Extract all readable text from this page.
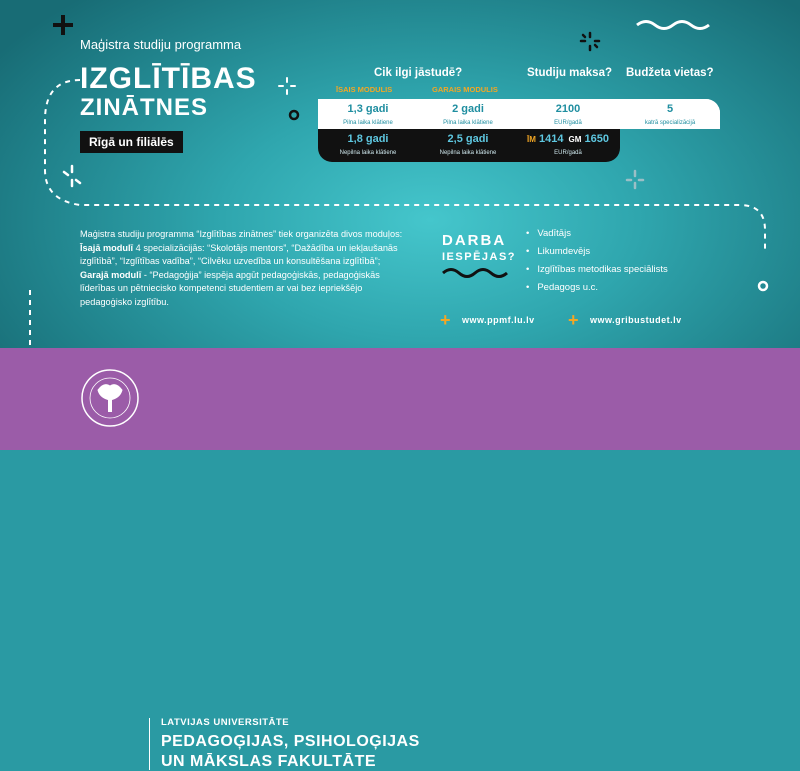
Maģistra studiju programma
IZGLĪTĪBAS
ZINĀTNES
Rīgā un filiālēs
Cik ilgi jāstudē?	Studiju maksa? Budžeta vietas?
ĪSAIS MODULIS	GARAIS MODULIS
1,3 gadi
Pilna laika klātiene
2 gadi
Pilna laika klātiene
2100
EUR/gadā
5
katrā specializācijā
1,8 gadi
Nepilna laika klātiene
2,5 gadi
Nepilna laika klātiene
ĪM 1414 GM 1650
EUR/gadā
Maģistra studiju programma “Izglītības zinātnes” tiek organizēta divos moduļos: Īsajā modulī 4 specializācijās: “Skolotājs mentors”, “Dažādība un iekļaušanās izglītībā”, “Izglītības vadība”, “Cilvēku uzvedība un konsultēšana izglītībā”; Garajā modulī - “Pedagoģija” iespēja apgūt pedagoģiskās, pedagoģiskās līderības un pētniecisko kompetenci studentiem ar vai bez iepriekšējo pedagoģisko izglītību.
DARBA
IESPĒJAS?
• Vadītājs
• Likumdevējs
• Izglītības metodikas speciālists
• Pedagogs u.c.
+ www.ppmf.lu.lv + www.gribustudet.lv
LATVIJAS UNIVERSITĀTE
PEDAGOĢIJAS, PSIHOLOĢIJAS
UN MĀKSLAS FAKULTĀTE
